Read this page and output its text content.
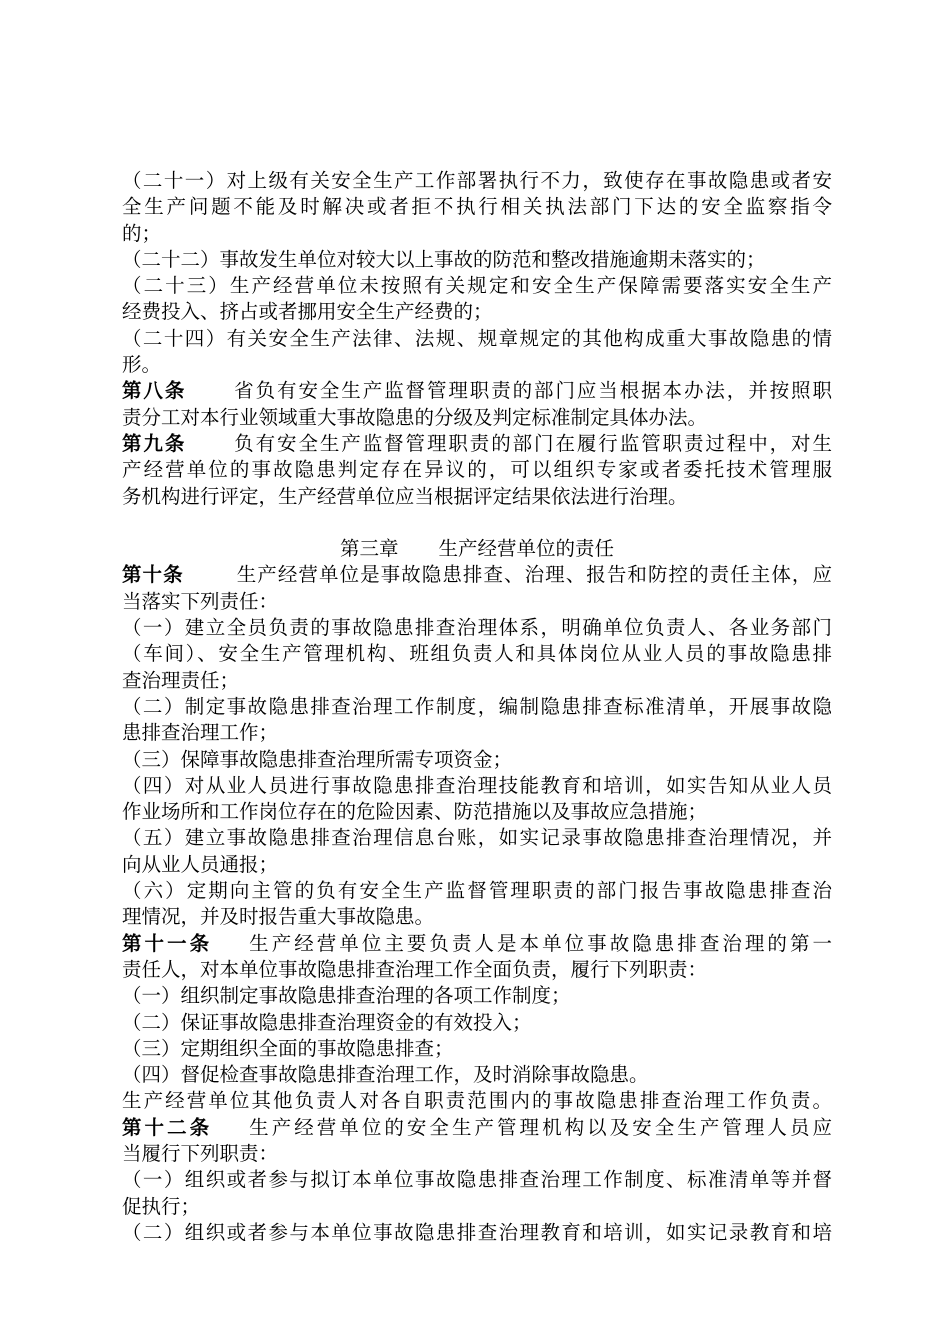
（二十一）对上级有关安全生产工作部署执行不力，致使存在事故隐患或者安
全生产问题不能及时解决或者拒不执行相关执法部门下达的安全监察指令
的；
（二十二）事故发生单位对较大以上事故的防范和整改措施逾期未落实的；
（二十三）生产经营单位未按照有关规定和安全生产保障需要落实安全生产
经费投入、挤占或者挪用安全生产经费的；
（二十四）有关安全生产法律、法规、规章规定的其他构成重大事故隐患的情
形。
第八条 省负有安全生产监督管理职责的部门应当根据本办法，并按照职
责分工对本行业领域重大事故隐患的分级及判定标准制定具体办法。
第九条 负有安全生产监督管理职责的部门在履行监管职责过程中，对生
产经营单位的事故隐患判定存在异议的，可以组织专家或者委托技术管理服
务机构进行评定，生产经营单位应当根据评定结果依法进行治理。
第三章 生产经营单位的责任
第十条	生产经营单位是事故隐患排查、治理、报告和防控的责任主体，应
当落实下列责任：
（一）建立全员负责的事故隐患排查治理体系，明确单位负责人、各业务部门
（车间）、安全生产管理机构、班组负责人和具体岗位从业人员的事故隐患排
查治理责任；
（二）制定事故隐患排查治理工作制度，编制隐患排查标准清单，开展事故隐
患排查治理工作；
（三）保障事故隐患排查治理所需专项资金；
（四）对从业人员进行事故隐患排查治理技能教育和培训，如实告知从业人员
作业场所和工作岗位存在的危险因素、防范措施以及事故应急措施；
（五）建立事故隐患排查治理信息台账，如实记录事故隐患排查治理情况，并
向从业人员通报；
（六）定期向主管的负有安全生产监督管理职责的部门报告事故隐患排查治
理情况，并及时报告重大事故隐患。
第十一条 生产经营单位主要负责人是本单位事故隐患排查治理的第一
责任人，对本单位事故隐患排查治理工作全面负责，履行下列职责：
（一）组织制定事故隐患排查治理的各项工作制度；
（二）保证事故隐患排查治理资金的有效投入；
（三）定期组织全面的事故隐患排查；
（四）督促检查事故隐患排查治理工作，及时消除事故隐患。
生产经营单位其他负责人对各自职责范围内的事故隐患排查治理工作负责。
第十二条 生产经营单位的安全生产管理机构以及安全生产管理人员应
当履行下列职责：
（一）组织或者参与拟订本单位事故隐患排查治理工作制度、标准清单等并督
促执行；
（二）组织或者参与本单位事故隐患排查治理教育和培训，如实记录教育和培
